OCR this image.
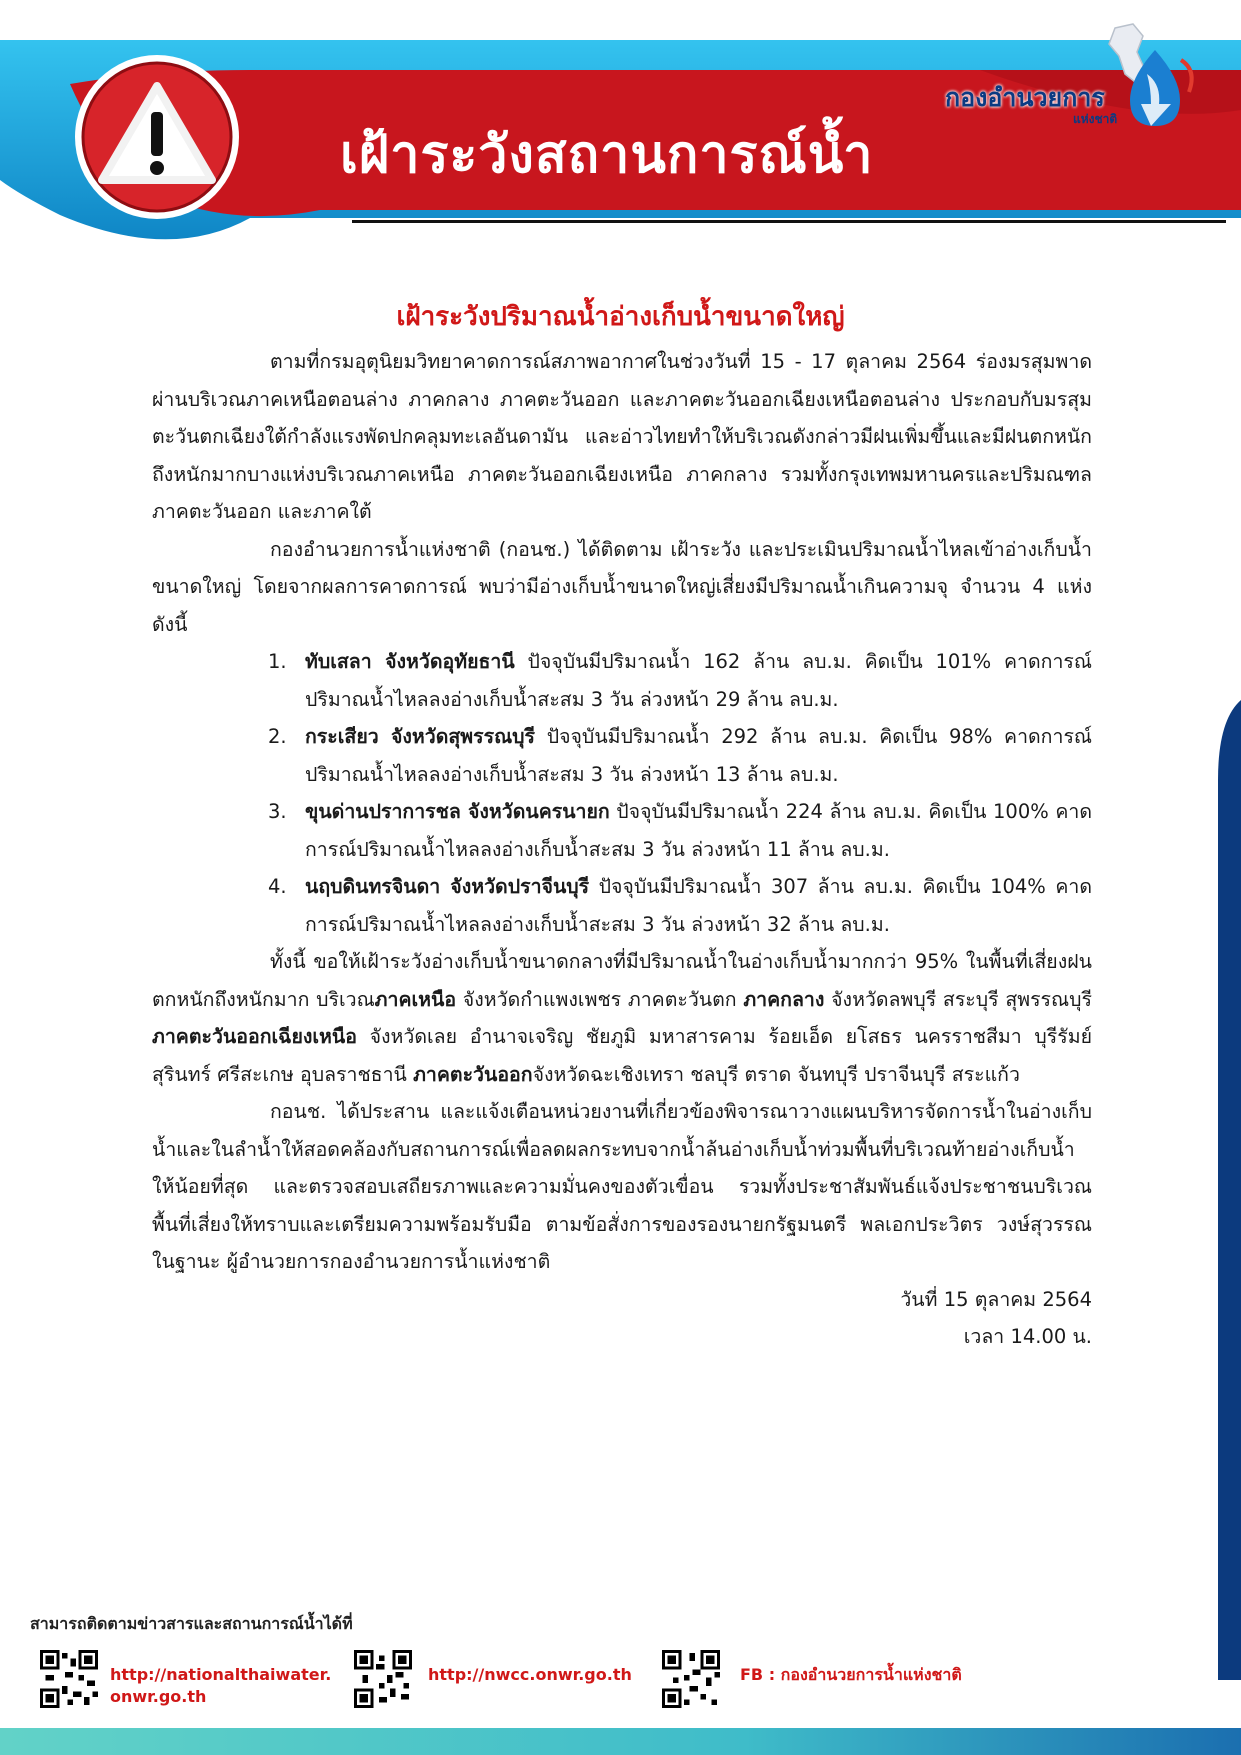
เฝ้าระวังสถานการณ์น้ำ
กองอำนวยการ
แห่งชาติ
เฝ้าระวังปริมาณน้ำอ่างเก็บน้ำขนาดใหญ่

ตามที่กรมอุตุนิยมวิทยาคาดการณ์สภาพอากาศในช่วงวันที่ 15 - 17 ตุลาคม 2564 ร่องมรสุมพาดผ่านบริเวณภาคเหนือตอนล่าง ภาคกลาง ภาคตะวันออก และภาคตะวันออกเฉียงเหนือตอนล่าง ประกอบกับมรสุมตะวันตกเฉียงใต้กำลังแรงพัดปกคลุมทะเลอันดามัน และอ่าวไทยทำให้บริเวณดังกล่าวมีฝนเพิ่มขึ้นและมีฝนตกหนักถึงหนักมากบางแห่งบริเวณภาคเหนือ ภาคตะวันออกเฉียงเหนือ ภาคกลาง รวมทั้งกรุงเทพมหานครและปริมณฑล ภาคตะวันออก และภาคใต้

กองอำนวยการน้ำแห่งชาติ (กอนช.) ได้ติดตาม เฝ้าระวัง และประเมินปริมาณน้ำไหลเข้าอ่างเก็บน้ำขนาดใหญ่ โดยจากผลการคาดการณ์ พบว่ามีอ่างเก็บน้ำขนาดใหญ่เสี่ยงมีปริมาณน้ำเกินความจุ จำนวน 4 แห่ง ดังนี้

1. ทับเสลา จังหวัดอุทัยธานี ปัจจุบันมีปริมาณน้ำ 162 ล้าน ลบ.ม. คิดเป็น 101% คาดการณ์ปริมาณน้ำไหลลงอ่างเก็บน้ำสะสม 3 วัน ล่วงหน้า 29 ล้าน ลบ.ม.
2. กระเสียว จังหวัดสุพรรณบุรี ปัจจุบันมีปริมาณน้ำ 292 ล้าน ลบ.ม. คิดเป็น 98% คาดการณ์ปริมาณน้ำไหลลงอ่างเก็บน้ำสะสม 3 วัน ล่วงหน้า 13 ล้าน ลบ.ม.
3. ขุนด่านปราการชล จังหวัดนครนายก ปัจจุบันมีปริมาณน้ำ 224 ล้าน ลบ.ม. คิดเป็น 100% คาดการณ์ปริมาณน้ำไหลลงอ่างเก็บน้ำสะสม 3 วัน ล่วงหน้า 11 ล้าน ลบ.ม.
4. นฤบดินทรจินดา จังหวัดปราจีนบุรี ปัจจุบันมีปริมาณน้ำ 307 ล้าน ลบ.ม. คิดเป็น 104% คาดการณ์ปริมาณน้ำไหลลงอ่างเก็บน้ำสะสม 3 วัน ล่วงหน้า 32 ล้าน ลบ.ม.

ทั้งนี้ ขอให้เฝ้าระวังอ่างเก็บน้ำขนาดกลางที่มีปริมาณน้ำในอ่างเก็บน้ำมากกว่า 95% ในพื้นที่เสี่ยงฝนตกหนักถึงหนักมาก บริเวณภาคเหนือ จังหวัดกำแพงเพชร ภาคตะวันตก ภาคกลาง จังหวัดลพบุรี สระบุรี สุพรรณบุรี ภาคตะวันออกเฉียงเหนือ จังหวัดเลย อำนาจเจริญ ชัยภูมิ มหาสารคาม ร้อยเอ็ด ยโสธร นครราชสีมา บุรีรัมย์ สุรินทร์ ศรีสะเกษ อุบลราชธานี ภาคตะวันออกจังหวัดฉะเชิงเทรา ชลบุรี ตราด จันทบุรี ปราจีนบุรี สระแก้ว

กอนช. ได้ประสาน และแจ้งเตือนหน่วยงานที่เกี่ยวข้องพิจารณาวางแผนบริหารจัดการน้ำในอ่างเก็บน้ำและในลำน้ำให้สอดคล้องกับสถานการณ์เพื่อลดผลกระทบจากน้ำล้นอ่างเก็บน้ำท่วมพื้นที่บริเวณท้ายอ่างเก็บน้ำให้น้อยที่สุด และตรวจสอบเสถียรภาพและความมั่นคงของตัวเขื่อน รวมทั้งประชาสัมพันธ์แจ้งประชาชนบริเวณพื้นที่เสี่ยงให้ทราบและเตรียมความพร้อมรับมือ ตามข้อสั่งการของรองนายกรัฐมนตรี พลเอกประวิตร วงษ์สุวรรณ ในฐานะ ผู้อำนวยการกองอำนวยการน้ำแห่งชาติ

วันที่ 15 ตุลาคม 2564

เวลา 14.00 น.

สามารถติดตามข่าวสารและสถานการณ์น้ำได้ที่
http://nationalthaiwater.
onwr.go.th
http://nwcc.onwr.go.th	FB : กองอำนวยการน้ำแห่งชาติ
